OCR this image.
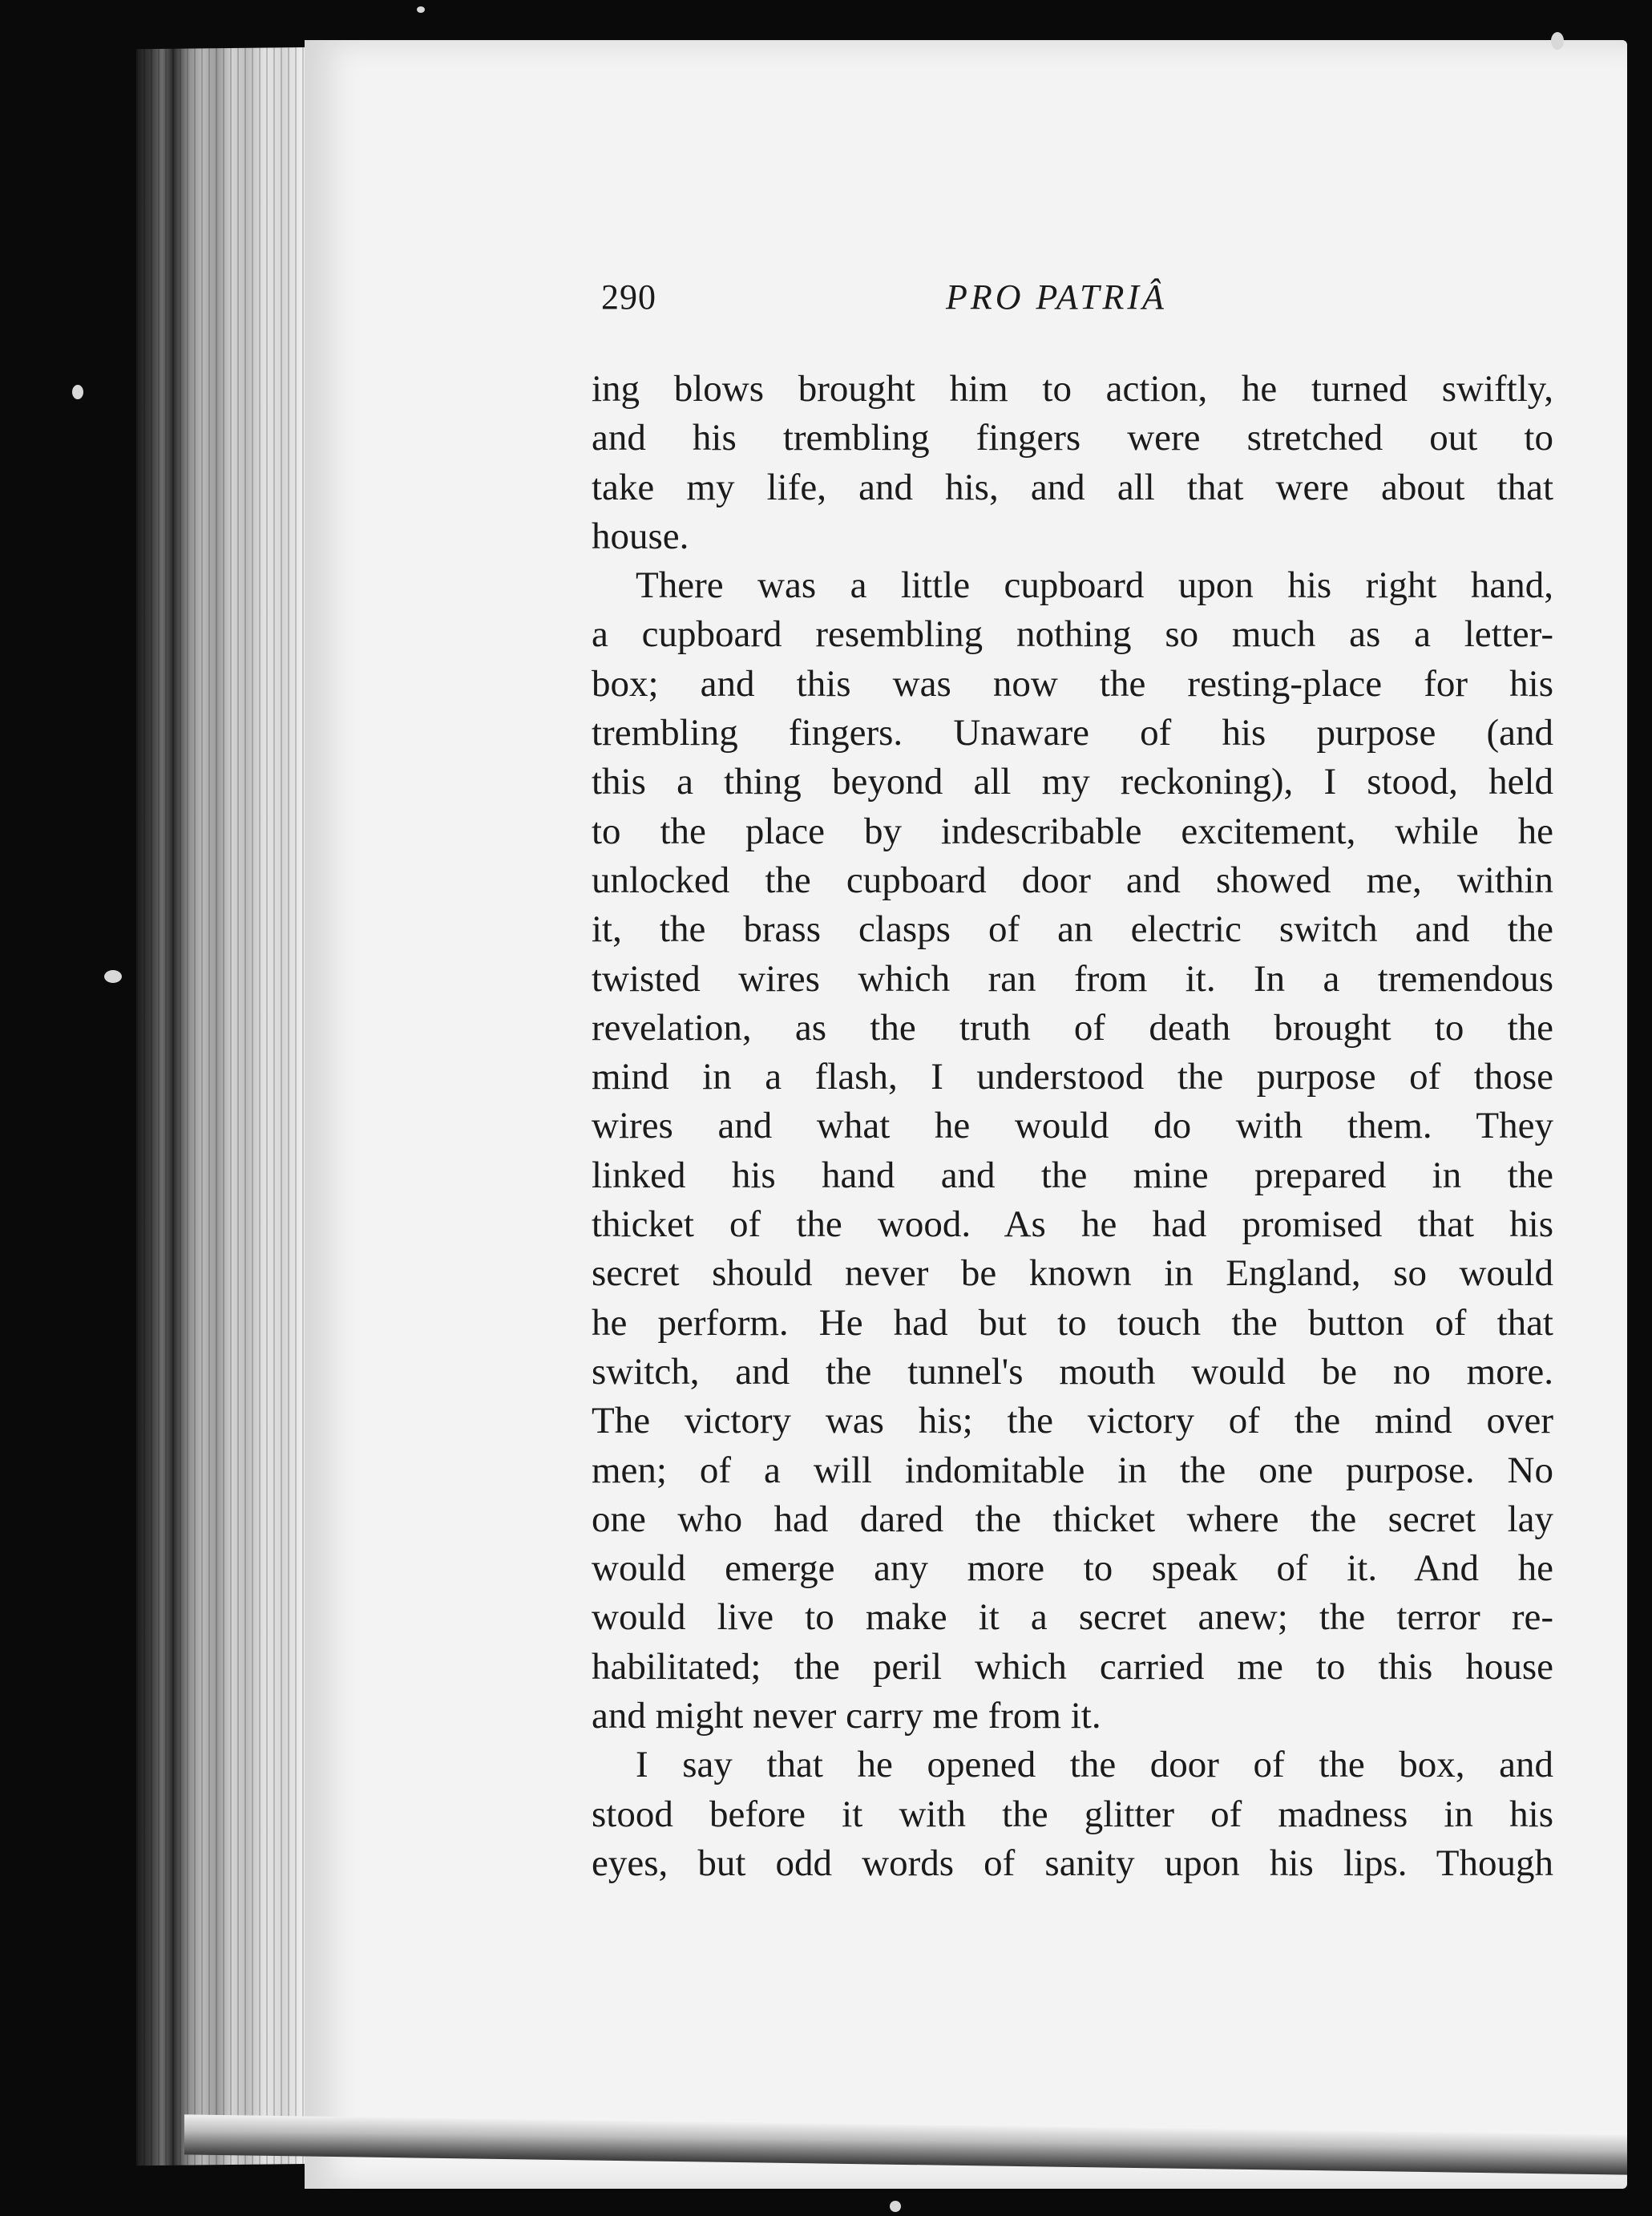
290	PRO PATRIÂ

ing blows brought him to action, he turned swiftly,
and his trembling fingers were stretched out to
take my life, and his, and all that were about that
house.

There was a little cupboard upon his right hand,
a cupboard resembling nothing so much as a letter-
box; and this was now the resting-place for his
trembling fingers. Unaware of his purpose (and
this a thing beyond all my reckoning), I stood, held
to the place by indescribable excitement, while he
unlocked the cupboard door and showed me, within
it, the brass clasps of an electric switch and the
twisted wires which ran from it. In a tremendous
revelation, as the truth of death brought to the
mind in a flash, I understood the purpose of those
wires and what he would do with them. They
linked his hand and the mine prepared in the
thicket of the wood. As he had promised that his
secret should never be known in England, so would
he perform. He had but to touch the button of that
switch, and the tunnel's mouth would be no more.
The victory was his; the victory of the mind over
men; of a will indomitable in the one purpose. No
one who had dared the thicket where the secret lay
would emerge any more to speak of it. And he
would live to make it a secret anew; the terror re-
habilitated; the peril which carried me to this house
and might never carry me from it.

I say that he opened the door of the box, and
stood before it with the glitter of madness in his
eyes, but odd words of sanity upon his lips. Though
